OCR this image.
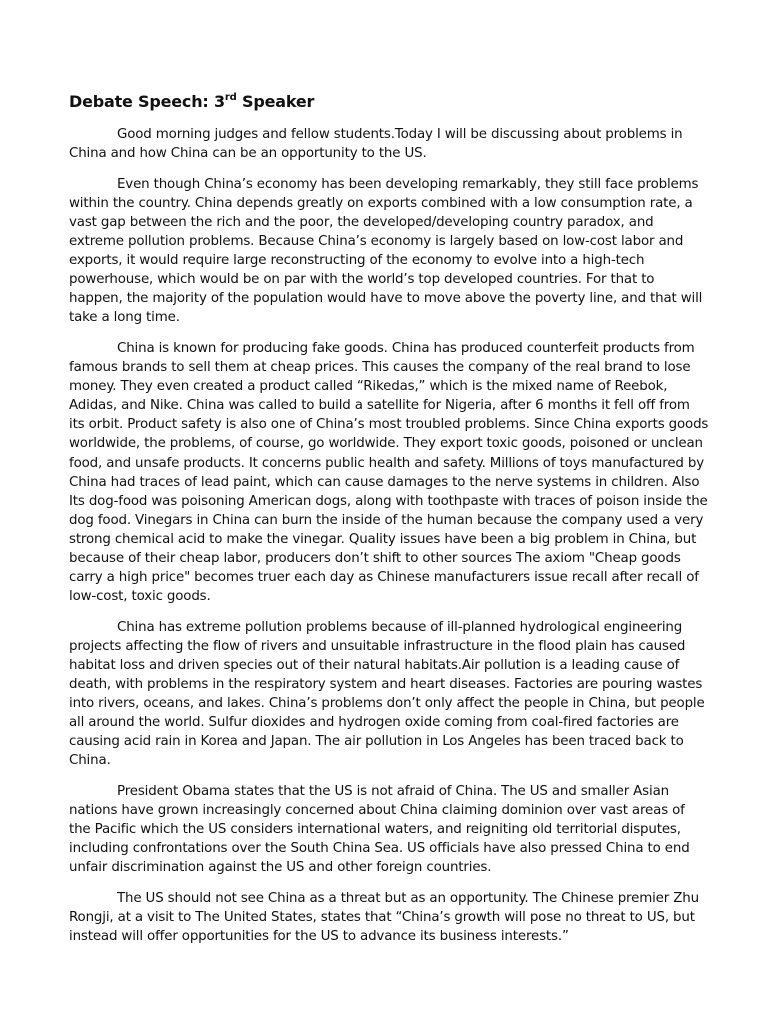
Debate Speech: 3rd Speaker

Good morning judges and fellow students.Today I will be discussing about problems in China and how China can be an opportunity to the US.

Even though China’s economy has been developing remarkably, they still face problems within the country. China depends greatly on exports combined with a low consumption rate, a vast gap between the rich and the poor, the developed/developing country paradox, and extreme pollution problems. Because China’s economy is largely based on low-cost labor and exports, it would require large reconstructing of the economy to evolve into a high-tech powerhouse, which would be on par with the world’s top developed countries. For that to happen, the majority of the population would have to move above the poverty line, and that will take a long time.

China is known for producing fake goods. China has produced counterfeit products from famous brands to sell them at cheap prices. This causes the company of the real brand to lose money. They even created a product called “Rikedas,” which is the mixed name of Reebok, Adidas, and Nike. China was called to build a satellite for Nigeria, after 6 months it fell off from its orbit. Product safety is also one of China’s most troubled problems. Since China exports goods worldwide, the problems, of course, go worldwide. They export toxic goods, poisoned or unclean food, and unsafe products. It concerns public health and safety. Millions of toys manufactured by China had traces of lead paint, which can cause damages to the nerve systems in children. Also Its dog-food was poisoning American dogs, along with toothpaste with traces of poison inside the dog food. Vinegars in China can burn the inside of the human because the company used a very strong chemical acid to make the vinegar. Quality issues have been a big problem in China, but because of their cheap labor, producers don’t shift to other sources The axiom "Cheap goods carry a high price" becomes truer each day as Chinese manufacturers issue recall after recall of low-cost, toxic goods.

China has extreme pollution problems because of ill-planned hydrological engineering projects affecting the flow of rivers and unsuitable infrastructure in the flood plain has caused habitat loss and driven species out of their natural habitats.Air pollution is a leading cause of death, with problems in the respiratory system and heart diseases. Factories are pouring wastes into rivers, oceans, and lakes. China’s problems don’t only affect the people in China, but people all around the world. Sulfur dioxides and hydrogen oxide coming from coal-fired factories are causing acid rain in Korea and Japan. The air pollution in Los Angeles has been traced back to China.

President Obama states that the US is not afraid of China. The US and smaller Asian nations have grown increasingly concerned about China claiming dominion over vast areas of the Pacific which the US considers international waters, and reigniting old territorial disputes, including confrontations over the South China Sea. US officials have also pressed China to end unfair discrimination against the US and other foreign countries.

The US should not see China as a threat but as an opportunity. The Chinese premier Zhu Rongji, at a visit to The United States, states that “China’s growth will pose no threat to US, but instead will offer opportunities for the US to advance its business interests.”
